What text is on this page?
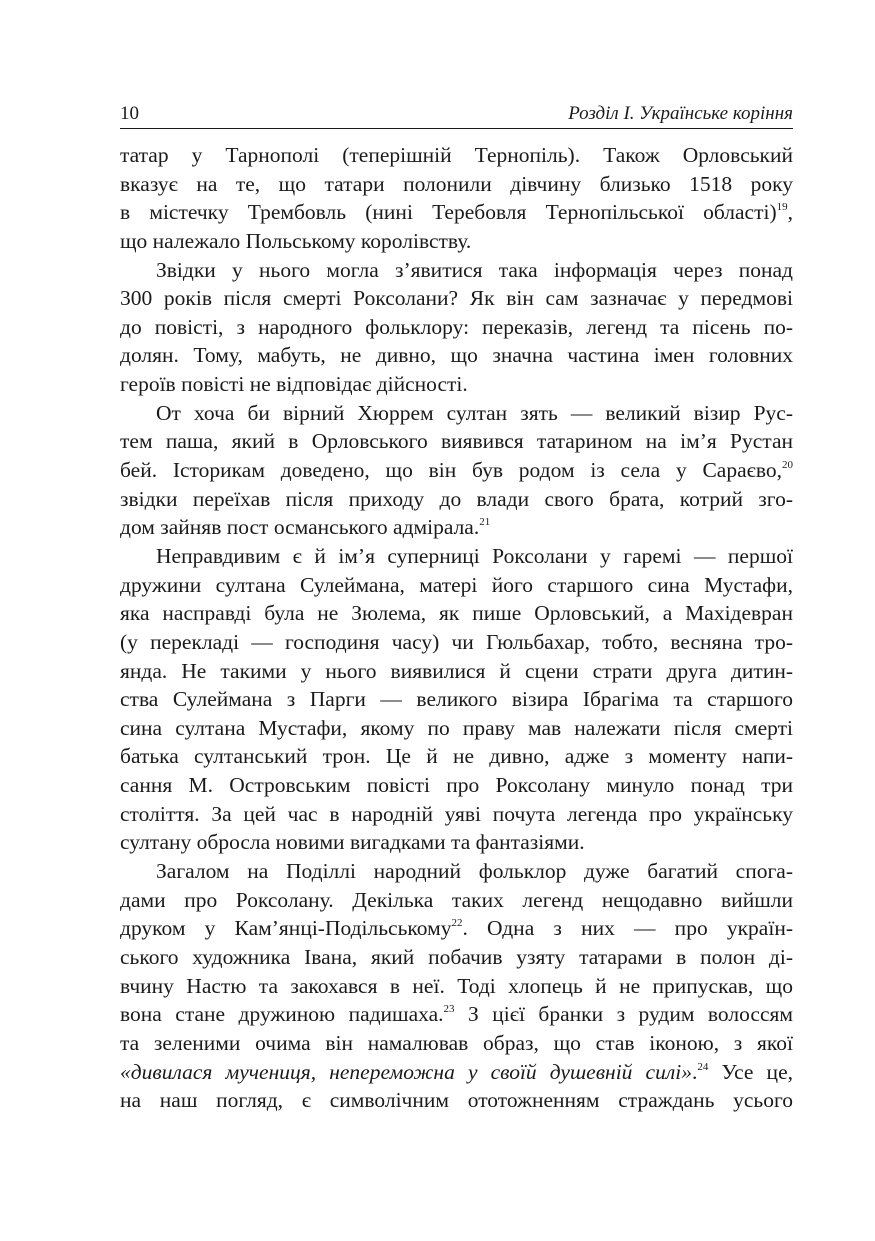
10	Розділ I. Українське коріння
татар у Тарнополі (теперішній Тернопіль). Також Орловський
вказує на те, що татари полонили дівчину близько 1518 року
в містечку Трембовль (нині Теребовля Тернопільської області)$^{19}$,
що належало Польському королівству.
Звідки у нього могла з’явитися така інформація через понад
300 років після смерті Роксолани? Як він сам зазначає у передмові
до повісті, з народного фольклору: переказів, легенд та пісень по-
долян. Тому, мабуть, не дивно, що значна частина імен головних
героїв повісті не відповідає дійсності.
От хоча би вірний Хюррем султан зять — великий візир Рус-
тем паша, який в Орловського виявився татарином на ім’я Рустан
бей. Історикам доведено, що він був родом із села у Сараєво,$^{20}$
звідки переїхав після приходу до влади свого брата, котрий зго-
дом зайняв пост османського адмірала.$^{21}$
Неправдивим є й ім’я суперниці Роксолани у гаремі — першої
дружини султана Сулеймана, матері його старшого сина Мустафи,
яка насправді була не Зюлема, як пише Орловський, а Махідевран
(у перекладі — господиня часу) чи Гюльбахар, тобто, весняна тро-
янда. Не такими у нього виявилися й сцени страти друга дитин-
ства Сулеймана з Парги — великого візира Ібрагіма та старшого
сина султана Мустафи, якому по праву мав належати після смерті
батька султанський трон. Це й не дивно, адже з моменту напи-
сання М. Островським повісті про Роксолану минуло понад три
століття. За цей час в народній уяві почута легенда про українську
султану обросла новими вигадками та фантазіями.
Загалом на Поділлі народний фольклор дуже багатий спога-
дами про Роксолану. Декілька таких легенд нещодавно вийшли
друком у Кам’янці-Подільському$^{22}$. Одна з них — про україн-
ського художника Івана, який побачив узяту татарами в полон ді-
вчину Настю та закохався в неї. Тоді хлопець й не припускав, що
вона стане дружиною падишаха.$^{23}$ З цієї бранки з рудим волоссям
та зеленими очима він намалював образ, що став іконою, з якої
«дивилася мучениця, непереможна у своїй душевній силі».$^{24}$ Усе це,
на наш погляд, є символічним ототожненням страждань усього
